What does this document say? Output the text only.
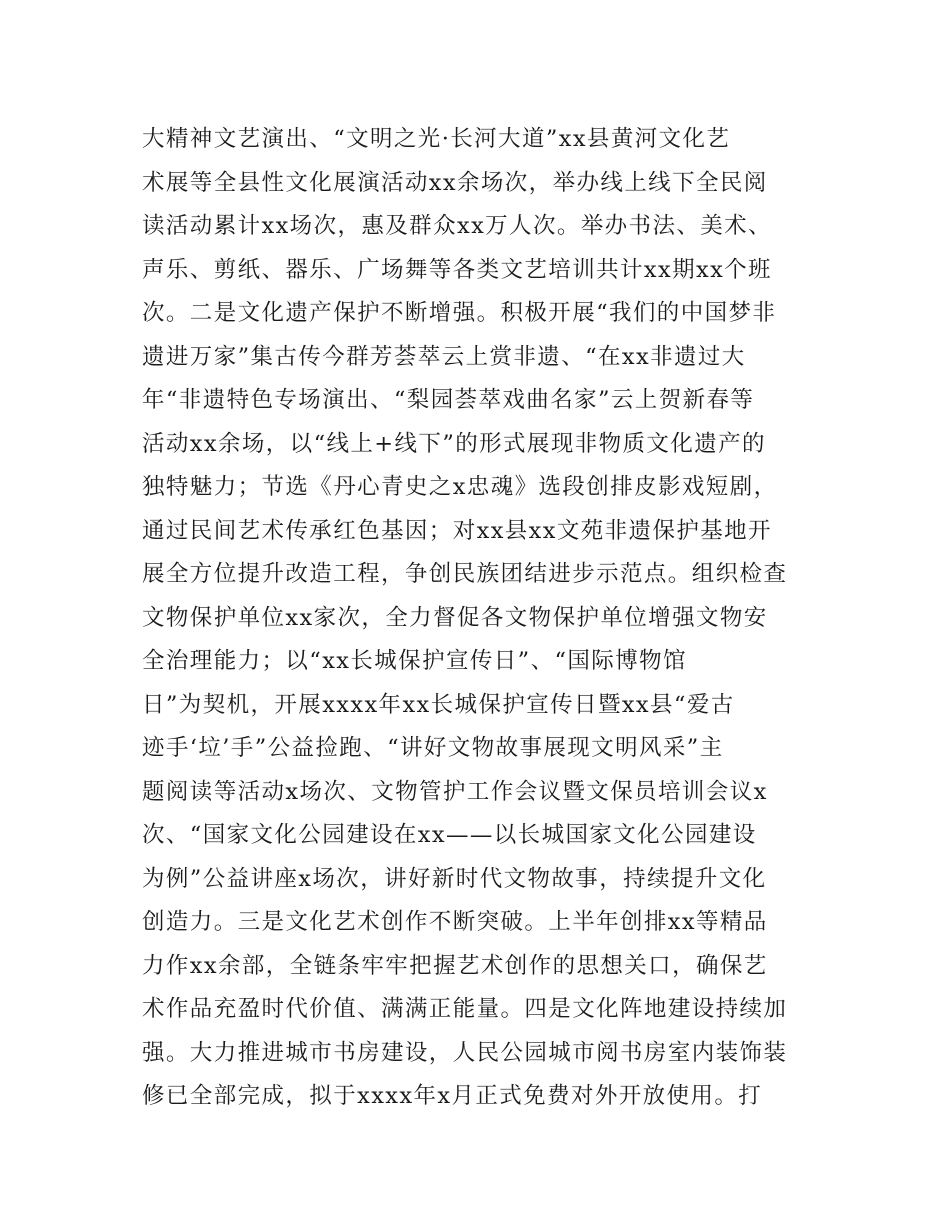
大精神文艺演出、“文明之光·长河大道”xx县黄河文化艺
术展等全县性文化展演活动xx余场次，举办线上线下全民阅
读活动累计xx场次，惠及群众xx万人次。举办书法、美术、
声乐、剪纸、器乐、广场舞等各类文艺培训共计xx期xx个班
次。二是文化遗产保护不断增强。积极开展“我们的中国梦非
遗进万家”集古传今群芳荟萃云上赏非遗、“在xx非遗过大
年“非遗特色专场演出、“梨园荟萃戏曲名家”云上贺新春等
活动xx余场，以“线上+线下”的形式展现非物质文化遗产的
独特魅力；节选《丹心青史之x忠魂》选段创排皮影戏短剧，
通过民间艺术传承红色基因；对xx县xx文苑非遗保护基地开
展全方位提升改造工程，争创民族团结进步示范点。组织检查
文物保护单位xx家次，全力督促各文物保护单位增强文物安
全治理能力；以“xx长城保护宣传日”、“国际博物馆
日”为契机，开展xxxx年xx长城保护宣传日暨xx县“爱古
迹手‘垃’手”公益捡跑、“讲好文物故事展现文明风采”主
题阅读等活动x场次、文物管护工作会议暨文保员培训会议x
次、“国家文化公园建设在xx——以长城国家文化公园建设
为例”公益讲座x场次，讲好新时代文物故事，持续提升文化
创造力。三是文化艺术创作不断突破。上半年创排xx等精品
力作xx余部，全链条牢牢把握艺术创作的思想关口，确保艺
术作品充盈时代价值、满满正能量。四是文化阵地建设持续加
强。大力推进城市书房建设，人民公园城市阅书房室内装饰装
修已全部完成，拟于xxxx年x月正式免费对外开放使用。打
